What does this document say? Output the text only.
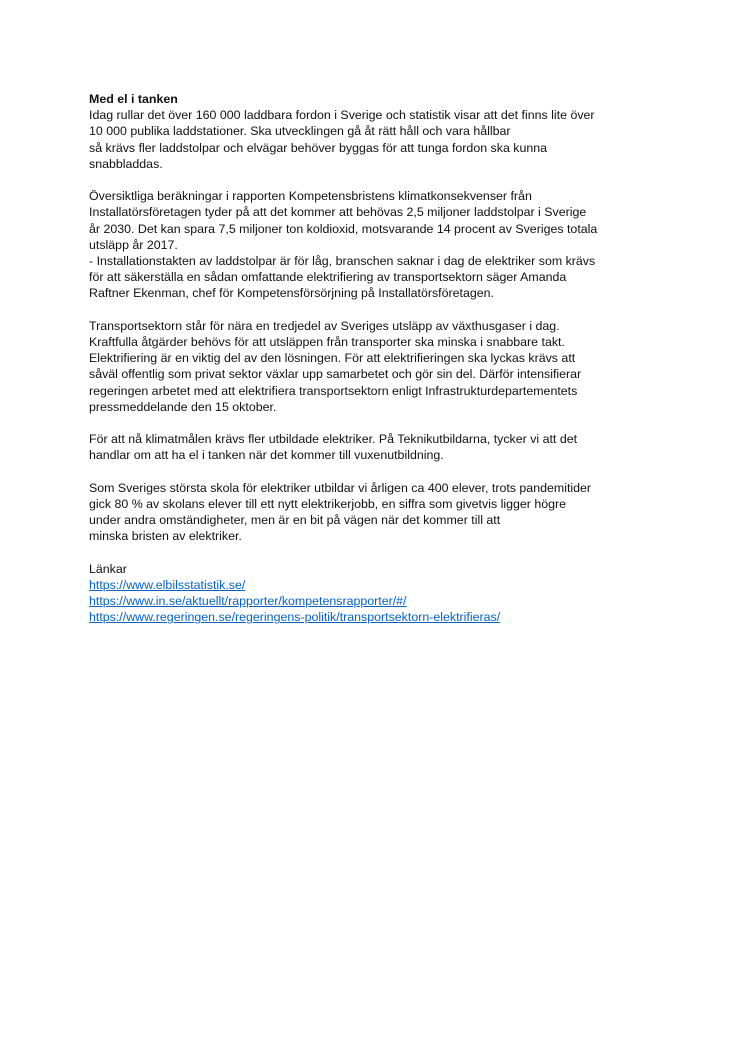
Med el i tanken
Idag rullar det över 160 000 laddbara fordon i Sverige och statistik visar att det finns lite över
10 000 publika laddstationer. Ska utvecklingen gå åt rätt håll och vara hållbar
så krävs fler laddstolpar och elvägar behöver byggas för att tunga fordon ska kunna
snabbladdas.
Översiktliga beräkningar i rapporten Kompetensbristens klimatkonsekvenser från
Installatörsföretagen tyder på att det kommer att behövas 2,5 miljoner laddstolpar i Sverige
år 2030. Det kan spara 7,5 miljoner ton koldioxid, motsvarande 14 procent av Sveriges totala
utsläpp år 2017.
- Installationstakten av laddstolpar är för låg, branschen saknar i dag de elektriker som krävs
för att säkerställa en sådan omfattande elektrifiering av transportsektorn säger Amanda
Raftner Ekenman, chef för Kompetensförsörjning på Installatörsföretagen.
Transportsektorn står för nära en tredjedel av Sveriges utsläpp av växthusgaser i dag.
Kraftfulla åtgärder behövs för att utsläppen från transporter ska minska i snabbare takt.
Elektrifiering är en viktig del av den lösningen. För att elektrifieringen ska lyckas krävs att
såväl offentlig som privat sektor växlar upp samarbetet och gör sin del. Därför intensifierar
regeringen arbetet med att elektrifiera transportsektorn enligt Infrastrukturdepartementets
pressmeddelande den 15 oktober.
För att nå klimatmålen krävs fler utbildade elektriker. På Teknikutbildarna, tycker vi att det
handlar om att ha el i tanken när det kommer till vuxenutbildning.
Som Sveriges största skola för elektriker utbildar vi årligen ca 400 elever, trots pandemitider
gick 80 % av skolans elever till ett nytt elektrikerjobb, en siffra som givetvis ligger högre
under andra omständigheter, men är en bit på vägen när det kommer till att
minska bristen av elektriker.
Länkar
https://www.elbilsstatistik.se/
https://www.in.se/aktuellt/rapporter/kompetensrapporter/#/
https://www.regeringen.se/regeringens-politik/transportsektorn-elektrifieras/
